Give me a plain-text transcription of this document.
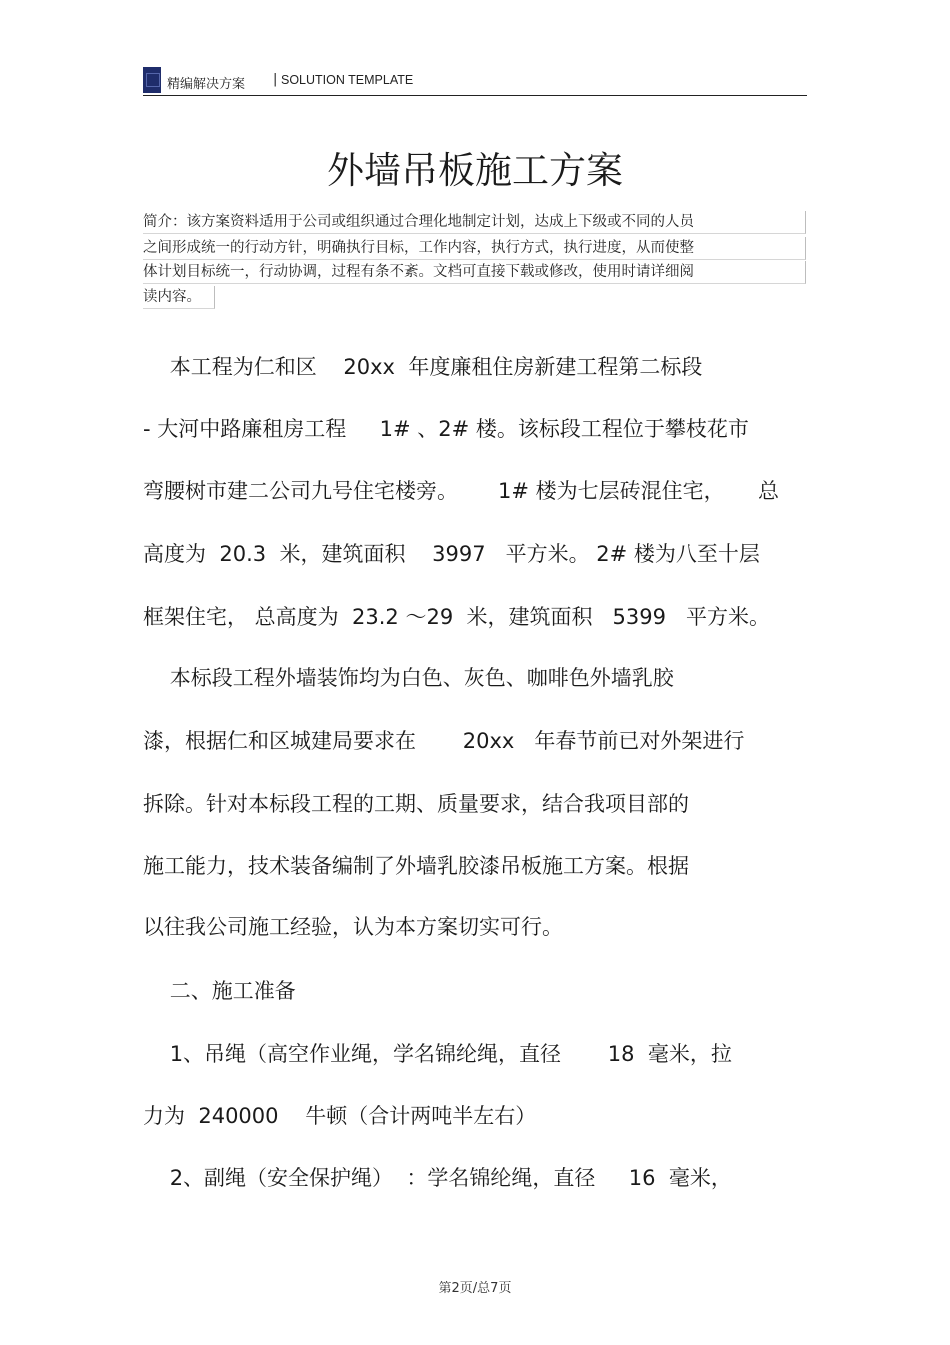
精编解决方案 | SOLUTION TEMPLATE
外墙吊板施工方案
简介：该方案资料适用于公司或组织通过合理化地制定计划，达成上下级或不同的人员
之间形成统一的行动方针，明确执行目标，工作内容，执行方式，执行进度，从而使整
体计划目标统一，行动协调，过程有条不紊。文档可直接下载或修改，使用时请详细阅
读内容。
本工程为仁和区    20xx  年度廉租住房新建工程第二标段
- 大河中路廉租房工程     1# 、2# 楼。该标段工程位于攀枝花市
弯腰树市建二公司九号住宅楼旁。      1# 楼为七层砖混住宅，     总
高度为  20.3  米，建筑面积    3997   平方米。 2# 楼为八至十层
框架住宅， 总高度为  23.2 ～29  米，建筑面积   5399   平方米。
本标段工程外墙装饰均为白色、灰色、咖啡色外墙乳胶
漆，根据仁和区城建局要求在       20xx   年春节前已对外架进行
拆除。针对本标段工程的工期、质量要求，结合我项目部的
施工能力，技术装备编制了外墙乳胶漆吊板施工方案。根据
以往我公司施工经验，认为本方案切实可行。
二、施工准备
1、吊绳（高空作业绳，学名锦纶绳，直径       18  毫米，拉
力为  240000    牛顿（合计两吨半左右）
2、副绳（安全保护绳）  ：学名锦纶绳，直径     16  毫米，
第2页/总7页
